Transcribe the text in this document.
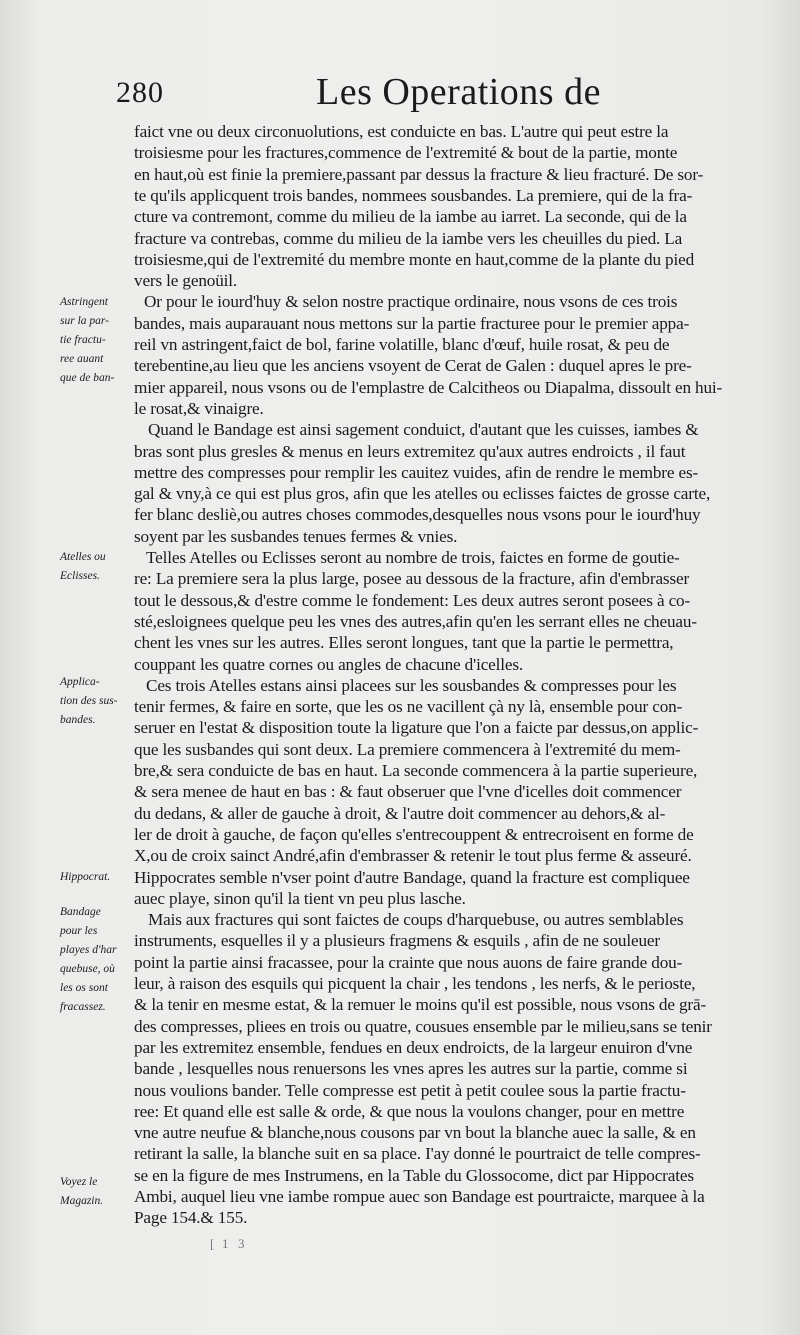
280	Les Operations de
faict vne ou deux circonuolutions, est conduicte en bas. L'autre qui peut estre la
troisiesme pour les fractures,commence de l'extremité & bout de la partie, monte
en haut,où est finie la premiere,passant par dessus la fracture & lieu fracturé. De sor-
te qu'ils applicquent trois bandes, nommees sousbandes. La premiere, qui de la fra-
cture va contremont, comme du milieu de la iambe au iarret. La seconde, qui de la
fracture va contrebas, comme du milieu de la iambe vers les cheuilles du pied. La
troisiesme,qui de l'extremité du membre monte en haut,comme de la plante du pied
vers le genoüil.
Or pour le iourd'huy & selon nostre practique ordinaire, nous vsons de ces trois
bandes, mais auparauant nous mettons sur la partie fracturee pour le premier appa-
reil vn astringent,faict de bol, farine volatille, blanc d'œuf, huile rosat, & peu de
terebentine,au lieu que les anciens vsoyent de Cerat de Galen : duquel apres le pre-
mier appareil, nous vsons ou de l'emplastre de Calcitheos ou Diapalma, dissoult en hui-
le rosat,& vinaigre.
Quand le Bandage est ainsi sagement conduict, d'autant que les cuisses, iambes &
bras sont plus gresles & menus en leurs extremitez qu'aux autres endroicts , il faut
mettre des compresses pour remplir les cauitez vuides, afin de rendre le membre es-
gal & vny,à ce qui est plus gros, afin que les atelles ou eclisses faictes de grosse carte,
fer blanc desliè,ou autres choses commodes,desquelles nous vsons pour le iourd'huy
soyent par les susbandes tenues fermes & vnies.
Telles Atelles ou Eclisses seront au nombre de trois, faictes en forme de goutie-
re: La premiere sera la plus large, posee au dessous de la fracture, afin d'embrasser
tout le dessous,& d'estre comme le fondement: Les deux autres seront posees à co-
sté,esloignees quelque peu les vnes des autres,afin qu'en les serrant elles ne cheuau-
chent les vnes sur les autres. Elles seront longues, tant que la partie le permettra,
couppant les quatre cornes ou angles de chacune d'icelles.
Ces trois Atelles estans ainsi placees sur les sousbandes & compresses pour les
tenir fermes, & faire en sorte, que les os ne vacillent çà ny là, ensemble pour con-
seruer en l'estat & disposition toute la ligature que l'on a faicte par dessus,on applic-
que les susbandes qui sont deux. La premiere commencera à l'extremité du mem-
bre,& sera conduicte de bas en haut. La seconde commencera à la partie superieure,
& sera menee de haut en bas : & faut obseruer que l'vne d'icelles doit commencer
du dedans, & aller de gauche à droit, & l'autre doit commencer au dehors,& al-
ler de droit à gauche, de façon qu'elles s'entrecouppent & entrecroisent en forme de
X,ou de croix sainct André,afin d'embrasser & retenir le tout plus ferme & asseuré.
Hippocrates semble n'vser point d'autre Bandage, quand la fracture est compliquee
auec playe, sinon qu'il la tient vn peu plus lasche.
Mais aux fractures qui sont faictes de coups d'harquebuse, ou autres semblables
instruments, esquelles il y a plusieurs fragmens & esquils , afin de ne souleuer
point la partie ainsi fracassee, pour la crainte que nous auons de faire grande dou-
leur, à raison des esquils qui picquent la chair , les tendons , les nerfs, & le perioste,
& la tenir en mesme estat, & la remuer le moins qu'il est possible, nous vsons de grā-
des compresses, pliees en trois ou quatre, cousues ensemble par le milieu,sans se tenir
par les extremitez ensemble, fendues en deux endroicts, de la largeur enuiron d'vne
bande , lesquelles nous renuersons les vnes apres les autres sur la partie, comme si
nous voulions bander. Telle compresse est petit à petit coulee sous la partie fractu-
ree: Et quand elle est salle & orde, & que nous la voulons changer, pour en mettre
vne autre neufue & blanche,nous cousons par vn bout la blanche auec la salle, & en
retirant la salle, la blanche suit en sa place. I'ay donné le pourtraict de telle compres-
se en la figure de mes Instrumens, en la Table du Glossocome, dict par Hippocrates
Ambi, auquel lieu vne iambe rompue auec son Bandage est pourtraicte, marquee à la
Page 154.& 155.
Astringent
sur la par-
tie fractu-
ree auant
que de ban-
Atelles ou
Eclisses.
Applica-
tion des sus-
bandes.
Hippocrat.
Bandage
pour les
playes d'har
quebuse, où
les os sont
fracassez.
Voyez le
Magazin.
[ 1 3
